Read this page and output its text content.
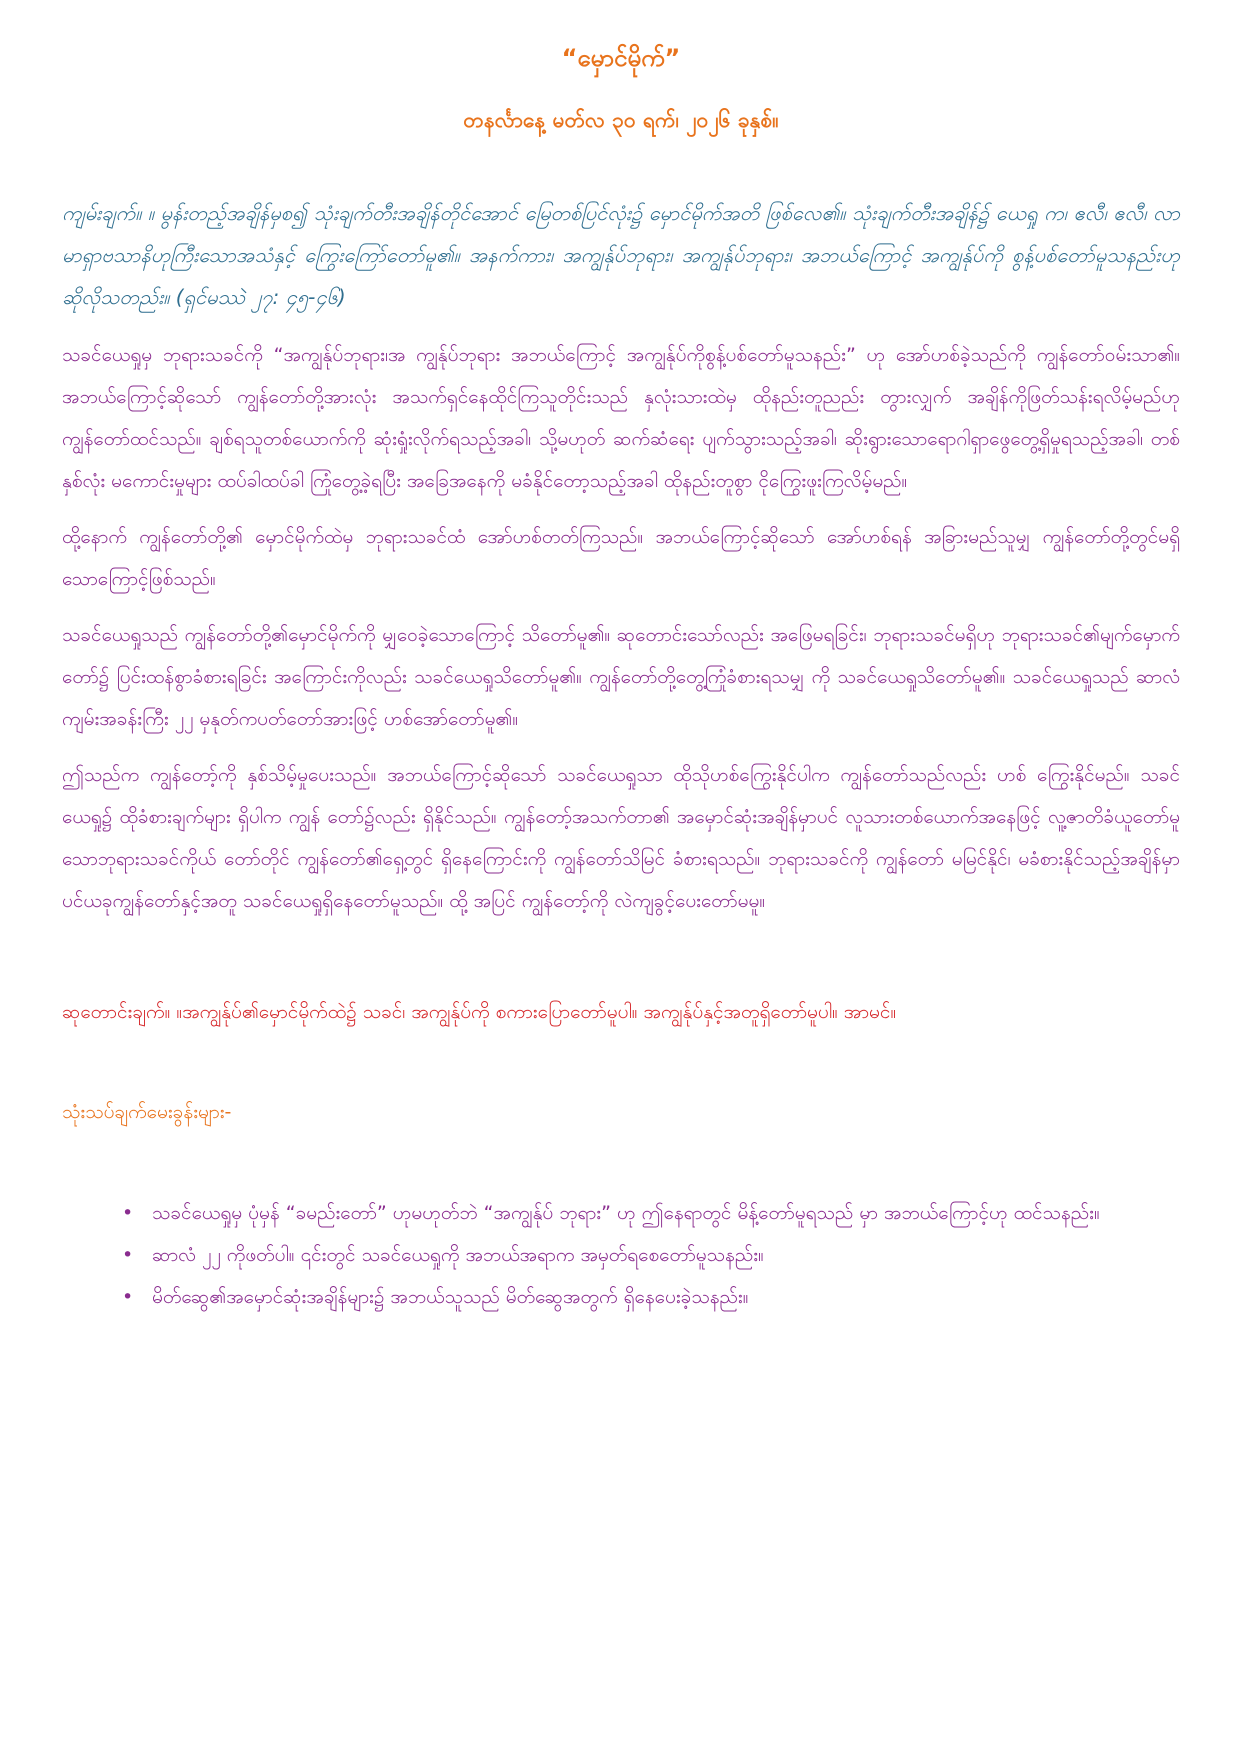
“မှောင်မိုက်”
တနင်္လာနေ့ မတ်လ ၃၀ ရက်၊ ၂၀၂၆ ခုနှစ်။
ကျမ်းချက်။ ။ မွန်းတည့်အချိန်မှစ၍ သုံးချက်တီးအချိန်တိုင်အောင် မြေတစ်ပြင်လုံး၌ မှောင်မိုက်အတိ ဖြစ်လေ၏။ သုံးချက်တီးအချိန်၌ ယေရှု က၊ ဧလီ၊ ဧလီ၊ လာမာရှာဗသာနိဟုကြီးသောအသံနှင့် ကြွေးကြော်တော်မူ၏။ အနက်ကား၊ အကျွန်ုပ်ဘုရား၊ အကျွန်ုပ်ဘုရား၊ အဘယ်ကြောင့် အကျွန်ုပ်ကို စွန့်ပစ်တော်မူသနည်းဟု ဆိုလိုသတည်း။ (ရှင်မဿဲ ၂၇: ၄၅-၄၆)
သခင်ယေရှုမှ ဘုရားသခင်ကို “အကျွန်ုပ်ဘုရား၊အ ကျွန်ုပ်ဘုရား အဘယ်ကြောင့် အကျွန်ုပ်ကိုစွန့်ပစ်တော်မူသနည်း” ဟု အော်ဟစ်ခဲ့သည်ကို ကျွန်တော်ဝမ်းသာ၏။ အဘယ်ကြောင့်ဆိုသော် ကျွန်တော်တို့အားလုံး အသက်ရှင်နေထိုင်ကြသူတိုင်းသည် နှလုံးသားထဲမှ ထိုနည်းတူညည်း တွားလျှက် အချိန်ကိုဖြတ်သန်းရလိမ့်မည်ဟု ကျွန်တော်ထင်သည်။ ချစ်ရသူတစ်ယောက်ကို ဆုံးရှုံးလိုက်ရသည့်အခါ၊ သို့မဟုတ် ဆက်ဆံရေး ပျက်သွားသည့်အခါ၊ ဆိုးရွားသောရောဂါရှာဖွေတွေ့ရှိမှုရသည့်အခါ၊ တစ်နှစ်လုံး မကောင်းမှုများ ထပ်ခါထပ်ခါ ကြုံတွေ့ခဲ့ရပြီး အခြေအနေကို မခံနိုင်တော့သည့်အခါ ထိုနည်းတူစွာ ငိုကြွေးဖူးကြလိမ့်မည်။
ထို့နောက် ကျွန်တော်တို့၏ မှောင်မိုက်ထဲမှ ဘုရားသခင်ထံ အော်ဟစ်တတ်ကြသည်။ အဘယ်ကြောင့်ဆိုသော် အော်ဟစ်ရန် အခြားမည်သူမျှ ကျွန်တော်တို့တွင်မရှိသောကြောင့်ဖြစ်သည်။
သခင်ယေရှုသည် ကျွန်တော်တို့၏မှောင်မိုက်ကို မျှဝေခဲ့သောကြောင့် သိတော်မူ၏။ ဆုတောင်းသော်လည်း အဖြေမရခြင်း၊ ဘုရားသခင်မရှိဟု ဘုရားသခင်၏မျက်မှောက်တော်၌ ပြင်းထန်စွာခံစားရခြင်း အကြောင်းကိုလည်း သခင်ယေရှုသိတော်မူ၏။ ကျွန်တော်တို့တွေ့ကြုံခံစားရသမျှ ကို သခင်ယေရှုသိတော်မူ၏။ သခင်ယေရှုသည် ဆာလံကျမ်းအခန်းကြီး ၂၂ မှနုတ်ကပတ်တော်အားဖြင့် ဟစ်အော်တော်မူ၏။
ဤသည်က ကျွန်တော့်ကို နှစ်သိမ့်မှုပေးသည်။ အဘယ်ကြောင့်ဆိုသော် သခင်ယေရှုသာ ထိုသိုဟစ်ကြွေးနိုင်ပါက ကျွန်တော်သည်လည်း ဟစ် ကြွေးနိုင်မည်။ သခင်ယေရှု၌ ထိုခံစားချက်များ ရှိပါက ကျွန် တော်၌လည်း ရှိနိုင်သည်။ ကျွန်တော့်အသက်တာ၏ အမှောင်ဆုံးအချိန်မှာပင် လူသားတစ်ယောက်အနေဖြင့် လူ့ဇာတိခံယူတော်မူသောဘုရားသခင်ကိုယ် တော်တိုင် ကျွန်တော်၏ရှေ့တွင် ရှိနေကြောင်းကို ကျွန်တော်သိမြင် ခံစားရသည်။ ဘုရားသခင်ကို ကျွန်တော် မမြင်နိုင်၊ မခံစားနိုင်သည့်အချိန်မှာပင်ယခုကျွန်တော်နှင့်အတူ သခင်ယေရှုရှိနေတော်မူသည်။ ထို့ အပြင် ကျွန်တော့်ကို လဲကျခွင့်ပေးတော်မမူ။
ဆုတောင်းချက်။ ။အကျွန်ုပ်၏မှောင်မိုက်ထဲ၌ သခင်၊ အကျွန်ုပ်ကို စကားပြောတော်မူပါ။ အကျွန်ုပ်နှင့်အတူရှိတော်မူပါ။ အာမင်။
သုံးသပ်ချက်မေးခွန်းများ-
• သခင်ယေရှုမှ ပုံမှန် “ခမည်းတော်” ဟုမဟုတ်ဘဲ “အကျွန်ုပ် ဘုရား” ဟု ဤနေရာတွင် မိန့်တော်မူရသည် မှာ အဘယ်ကြောင့်ဟု ထင်သနည်း။
• ဆာလံ ၂၂ ကိုဖတ်ပါ။ ၎င်းတွင် သခင်ယေရှုကို အဘယ်အရာက အမှတ်ရစေတော်မူသနည်း။
• မိတ်ဆွေ၏အမှောင်ဆုံးအချိန်များ၌ အဘယ်သူသည် မိတ်ဆွေအတွက် ရှိနေပေးခဲ့သနည်း။
